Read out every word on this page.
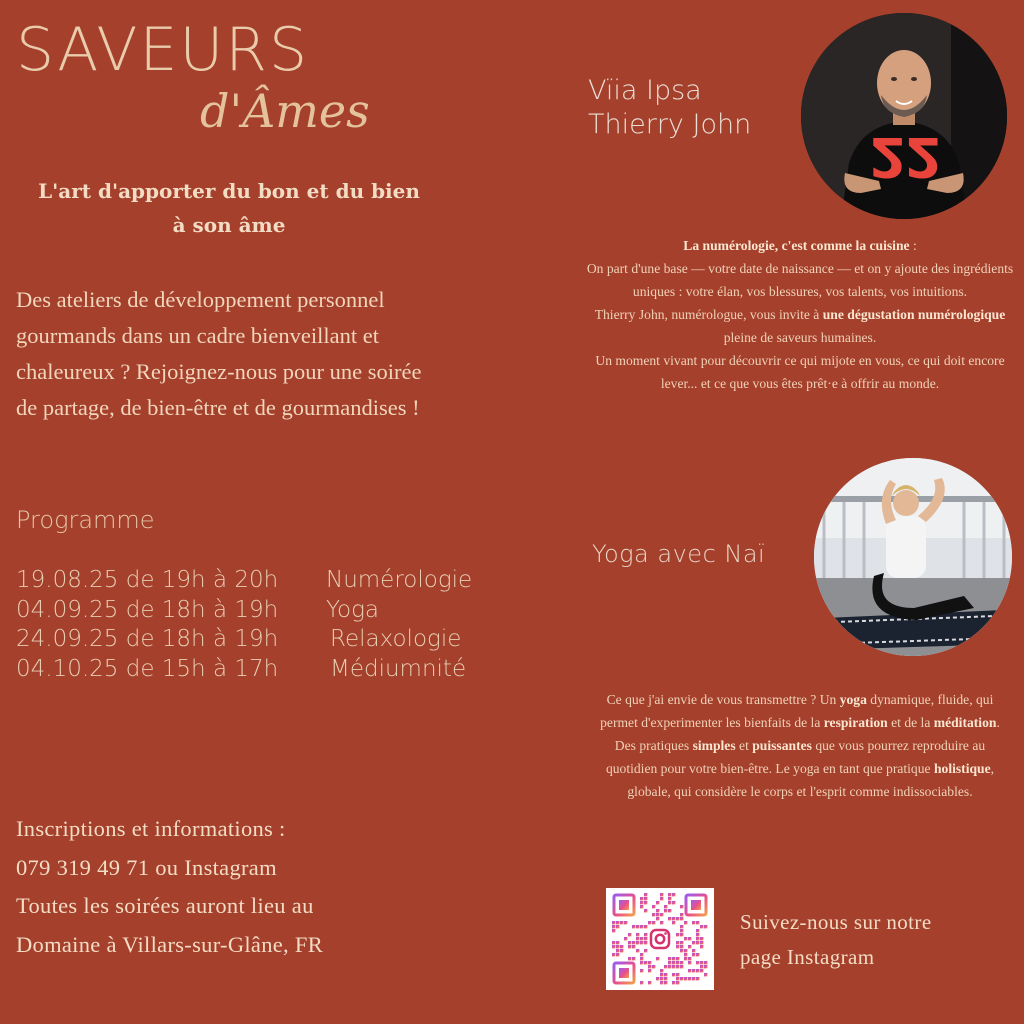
SAVEURS
d'Âmes
L'art d'apporter du bon et du bien
à son âme
Des ateliers de développement personnel
gourmands dans un cadre bienveillant et
chaleureux ? Rejoignez-nous pour une soirée
de partage, de bien-être et de gourmandises !
Programme
19.08.25 de 19h à 20h	Numérologie
04.09.25 de 18h à 19h	Yoga
24.09.25 de 18h à 19h	Relaxologie
04.10.25 de 15h à 17h	Médiumnité
Inscriptions et informations :
079 319 49 71 ou Instagram
Toutes les soirées auront lieu au
Domaine à Villars-sur-Glâne, FR
Vïia Ipsa
Thierry John
22
La numérologie, c'est comme la cuisine :
On part d'une base — votre date de naissance — et on y ajoute des ingrédients uniques : votre élan, vos blessures, vos talents, vos intuitions.
Thierry John, numérologue, vous invite à une dégustation numérologique pleine de saveurs humaines.
Un moment vivant pour découvrir ce qui mijote en vous, ce qui doit encore lever... et ce que vous êtes prêt·e à offrir au monde.
Yoga avec Naï
Ce que j'ai envie de vous transmettre ? Un yoga dynamique, fluide, qui permet d'experimenter les bienfaits de la respiration et de la méditation. Des pratiques simples et puissantes que vous pourrez reproduire au quotidien pour votre bien-être. Le yoga en tant que pratique holistique, globale, qui considère le corps et l'esprit comme indissociables.
Suivez-nous sur notre
page Instagram
